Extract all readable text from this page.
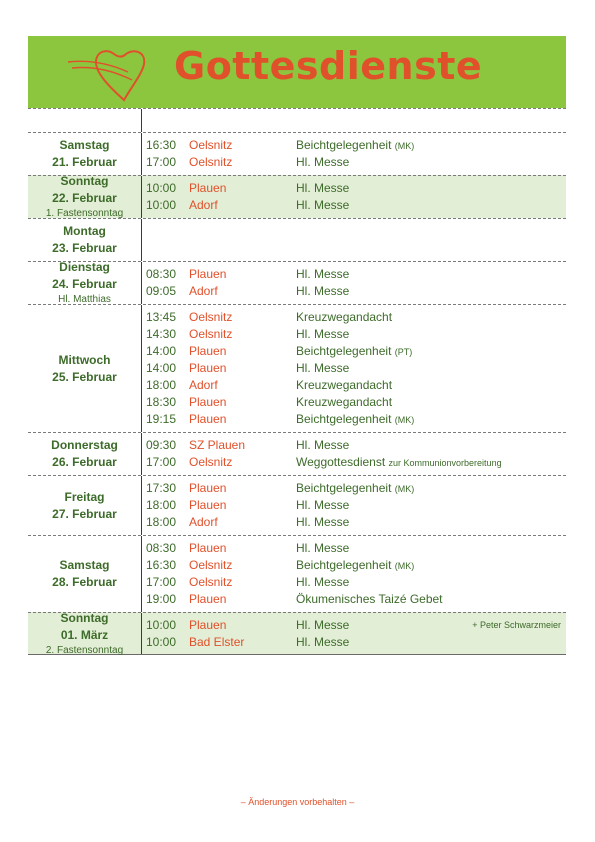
Gottesdienste
Samstag
21. Februar
16:30 Oelsnitz	Beichtgelegenheit (MK)
17:00 Oelsnitz	Hl. Messe
Sonntag
22. Februar
1. Fastensonntag
10:00 Plauen	Hl. Messe
10:00 Adorf	Hl. Messe
Montag
23. Februar
Dienstag
24. Februar
Hl. Matthias
08:30 Plauen	Hl. Messe
09:05 Adorf	Hl. Messe
Mittwoch
25. Februar
13:45 Oelsnitz	Kreuzwegandacht
14:30 Oelsnitz	Hl. Messe
14:00 Plauen	Beichtgelegenheit (PT)
14:00 Plauen	Hl. Messe
18:00 Adorf	Kreuzwegandacht
18:30 Plauen	Kreuzwegandacht
19:15 Plauen	Beichtgelegenheit (MK)
Donnerstag
26. Februar
09:30 SZ Plauen	Hl. Messe
17:00 Oelsnitz	Weggottesdienst zur Kommunionvorbereitung
Freitag
27. Februar
17:30 Plauen	Beichtgelegenheit (MK)
18:00 Plauen	Hl. Messe
18:00 Adorf	Hl. Messe
Samstag
28. Februar
08:30 Plauen	Hl. Messe
16:30 Oelsnitz	Beichtgelegenheit (MK)
17:00 Oelsnitz	Hl. Messe
19:00 Plauen	Ökumenisches Taizé Gebet
Sonntag
01. März
2. Fastensonntag
10:00 Plauen	Hl. Messe	+ Peter Schwarzmeier
10:00 Bad Elster	Hl. Messe
– Änderungen vorbehalten –
